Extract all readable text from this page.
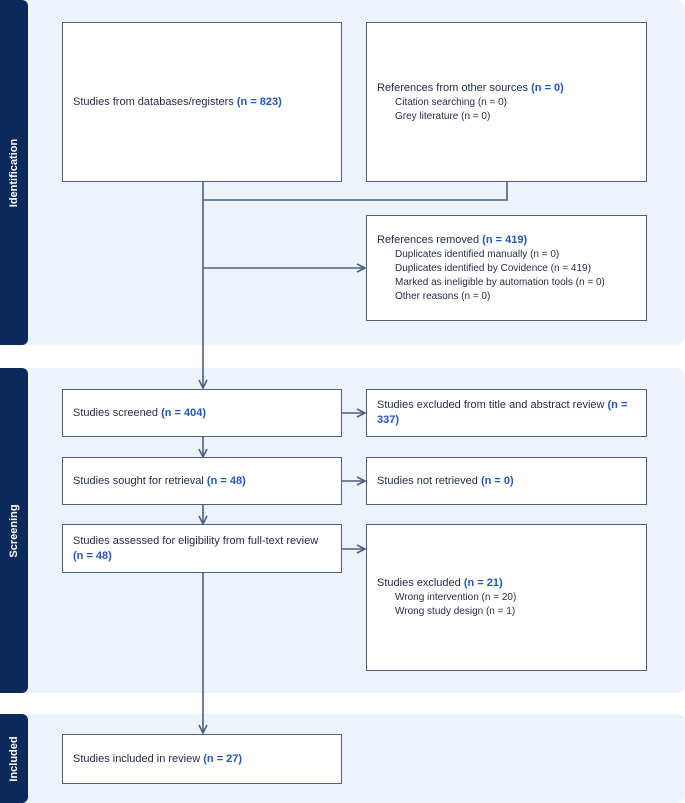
Identification
Screening
Included
Studies from databases/registers (n = 823)
References from other sources (n = 0)
Citation searching (n = 0)
Grey literature (n = 0)
References removed (n = 419)
Duplicates identified manually (n = 0)
Duplicates identified by Covidence (n = 419)
Marked as ineligible by automation tools (n = 0)
Other reasons (n = 0)
Studies screened (n = 404)
Studies excluded from title and abstract review (n =
337)
Studies sought for retrieval (n = 48)	Studies not retrieved (n = 0)
Studies assessed for eligibility from full-text review (n = 48)
Studies excluded (n = 21)
Wrong intervention (n = 20)
Wrong study design (n = 1)
Studies included in review (n = 27)
